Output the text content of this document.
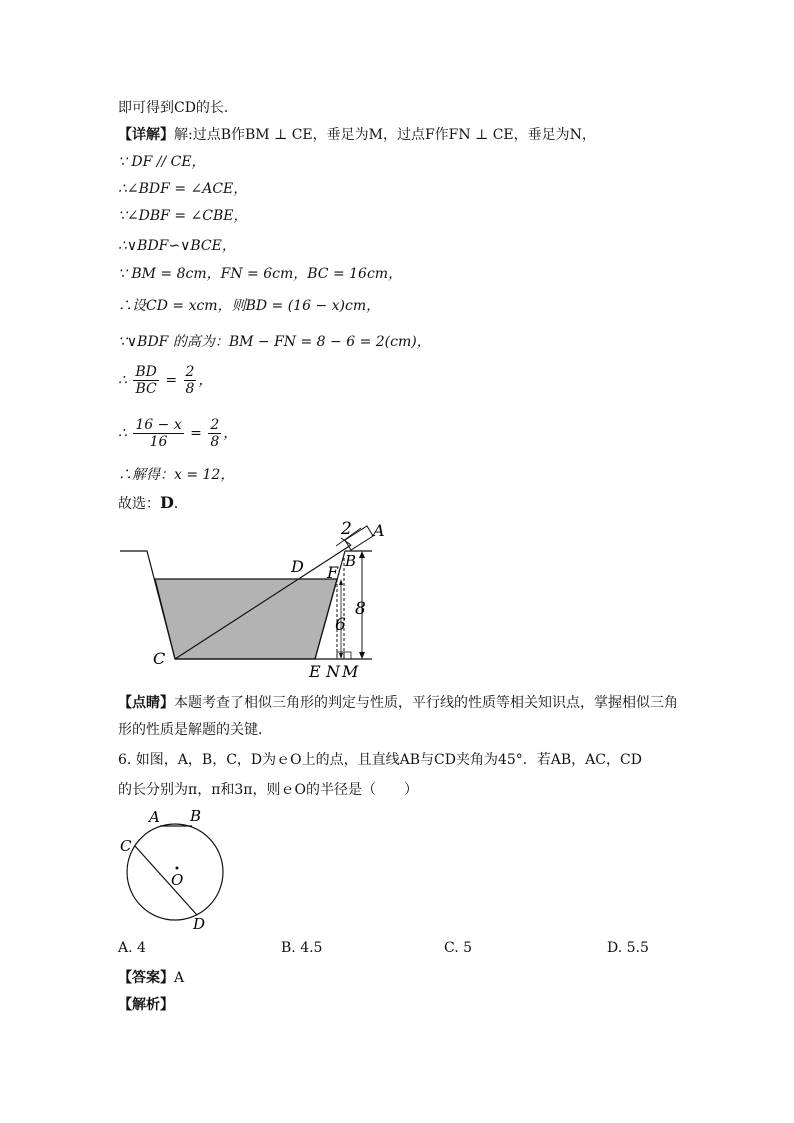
即可得到CD的长．
【详解】解:过点B作BM ⊥ CE，垂足为M，过点F作FN ⊥ CE，垂足为N，
∵ DF // CE，
∴∠BDF = ∠ACE，
∵∠DBF = ∠CBE，
∴∨BDF∽∨BCE，
∵ BM = 8cm，FN = 6cm，BC = 16cm，
∴设CD = xcm，则BD = (16 − x)cm，
∵∨BDF 的高为：BM − FN = 8 − 6 = 2(cm)，
∴ $\frac{BD}{BC} = \frac{2}{8}$ ，
∴ $\frac{16 - x}{16} = \frac{2}{8}$ ，
∴解得：x = 12，
故选：D．
A
B
D F
C
E N M
2
8
6
【点睛】本题考查了相似三角形的判定与性质，平行线的性质等相关知识点，掌握相似三角
形的性质是解题的关键．
6. 如图，A，B，C，D为ｅO上的点，且直线AB与CD夹角为45°．若AB，AC，CD
的长分别为π，π和3π，则ｅO的半径是（　　）
A B
C
O
D
A. 4	B. 4.5	C. 5	D. 5.5
【答案】A
【解析】
